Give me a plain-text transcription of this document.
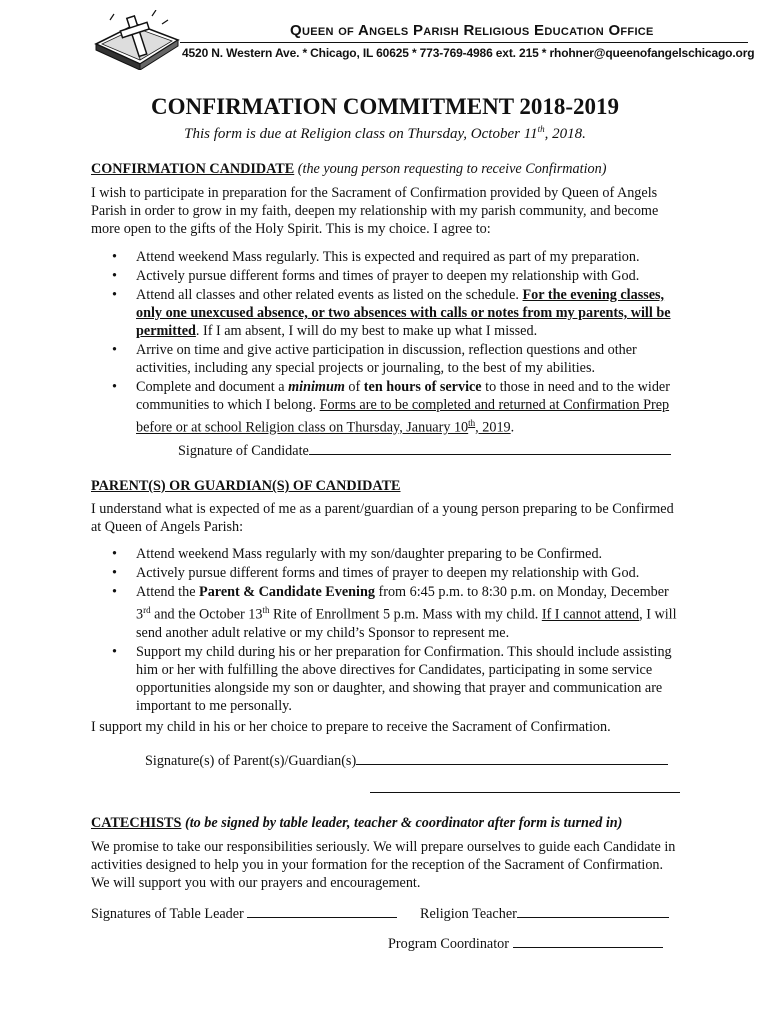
Queen of Angels Parish Religious Education Office
4520 N. Western Ave. * Chicago, IL 60625 * 773-769-4986 ext. 215 * rhohner@queenofangelschicago.org
CONFIRMATION COMMITMENT 2018-2019
This form is due at Religion class on Thursday, October 11th, 2018.
CONFIRMATION CANDIDATE (the young person requesting to receive Confirmation)
I wish to participate in preparation for the Sacrament of Confirmation provided by Queen of Angels Parish in order to grow in my faith, deepen my relationship with my parish community, and become more open to the gifts of the Holy Spirit. This is my choice. I agree to:
• Attend weekend Mass regularly. This is expected and required as part of my preparation.
• Actively pursue different forms and times of prayer to deepen my relationship with God.
• Attend all classes and other related events as listed on the schedule. For the evening classes, only one unexcused absence, or two absences with calls or notes from my parents, will be permitted. If I am absent, I will do my best to make up what I missed.
• Arrive on time and give active participation in discussion, reflection questions and other activities, including any special projects or journaling, to the best of my abilities.
• Complete and document a minimum of ten hours of service to those in need and to the wider communities to which I belong. Forms are to be completed and returned at Confirmation Prep before or at school Religion class on Thursday, January 10th, 2019.
Signature of Candidate
PARENT(S) OR GUARDIAN(S) OF CANDIDATE
I understand what is expected of me as a parent/guardian of a young person preparing to be Confirmed at Queen of Angels Parish:
• Attend weekend Mass regularly with my son/daughter preparing to be Confirmed.
• Actively pursue different forms and times of prayer to deepen my relationship with God.
• Attend the Parent & Candidate Evening from 6:45 p.m. to 8:30 p.m. on Monday, December 3rd and the October 13th Rite of Enrollment 5 p.m. Mass with my child. If I cannot attend, I will send another adult relative or my child’s Sponsor to represent me.
• Support my child during his or her preparation for Confirmation. This should include assisting him or her with fulfilling the above directives for Candidates, participating in some service opportunities alongside my son or daughter, and showing that prayer and communication are important to me personally.
I support my child in his or her choice to prepare to receive the Sacrament of Confirmation.
Signature(s) of Parent(s)/Guardian(s)
CATECHISTS (to be signed by table leader, teacher & coordinator after form is turned in)
We promise to take our responsibilities seriously. We will prepare ourselves to guide each Candidate in activities designed to help you in your formation for the reception of the Sacrament of Confirmation. We will support you with our prayers and encouragement.
Signatures of Table Leader	Religion Teacher
Program Coordinator
